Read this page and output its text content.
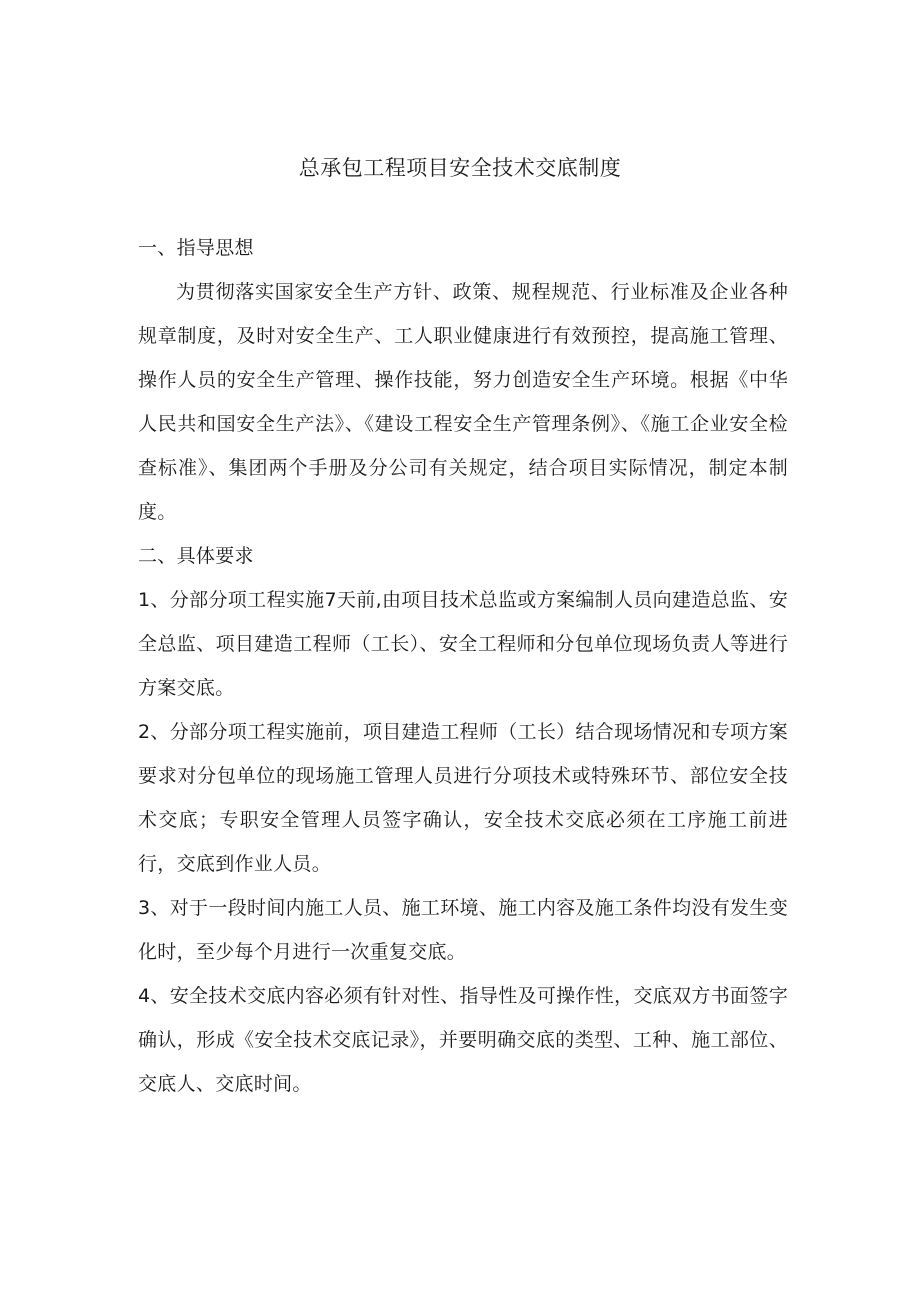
总承包工程项目安全技术交底制度

一、指导思想

为贯彻落实国家安全生产方针、政策、规程规范、行业标准及企业各种规章制度，及时对安全生产、工人职业健康进行有效预控，提高施工管理、操作人员的安全生产管理、操作技能，努力创造安全生产环境。根据《中华人民共和国安全生产法》、《建设工程安全生产管理条例》、《施工企业安全检查标准》、集团两个手册及分公司有关规定，结合项目实际情况，制定本制度。

二、具体要求

1、分部分项工程实施7天前,由项目技术总监或方案编制人员向建造总监、安全总监、项目建造工程师（工长）、安全工程师和分包单位现场负责人等进行方案交底。

2、分部分项工程实施前，项目建造工程师（工长）结合现场情况和专项方案要求对分包单位的现场施工管理人员进行分项技术或特殊环节、部位安全技术交底；专职安全管理人员签字确认，安全技术交底必须在工序施工前进行，交底到作业人员。

3、对于一段时间内施工人员、施工环境、施工内容及施工条件均没有发生变化时，至少每个月进行一次重复交底。

4、安全技术交底内容必须有针对性、指导性及可操作性，交底双方书面签字确认，形成《安全技术交底记录》，并要明确交底的类型、工种、施工部位、交底人、交底时间。
